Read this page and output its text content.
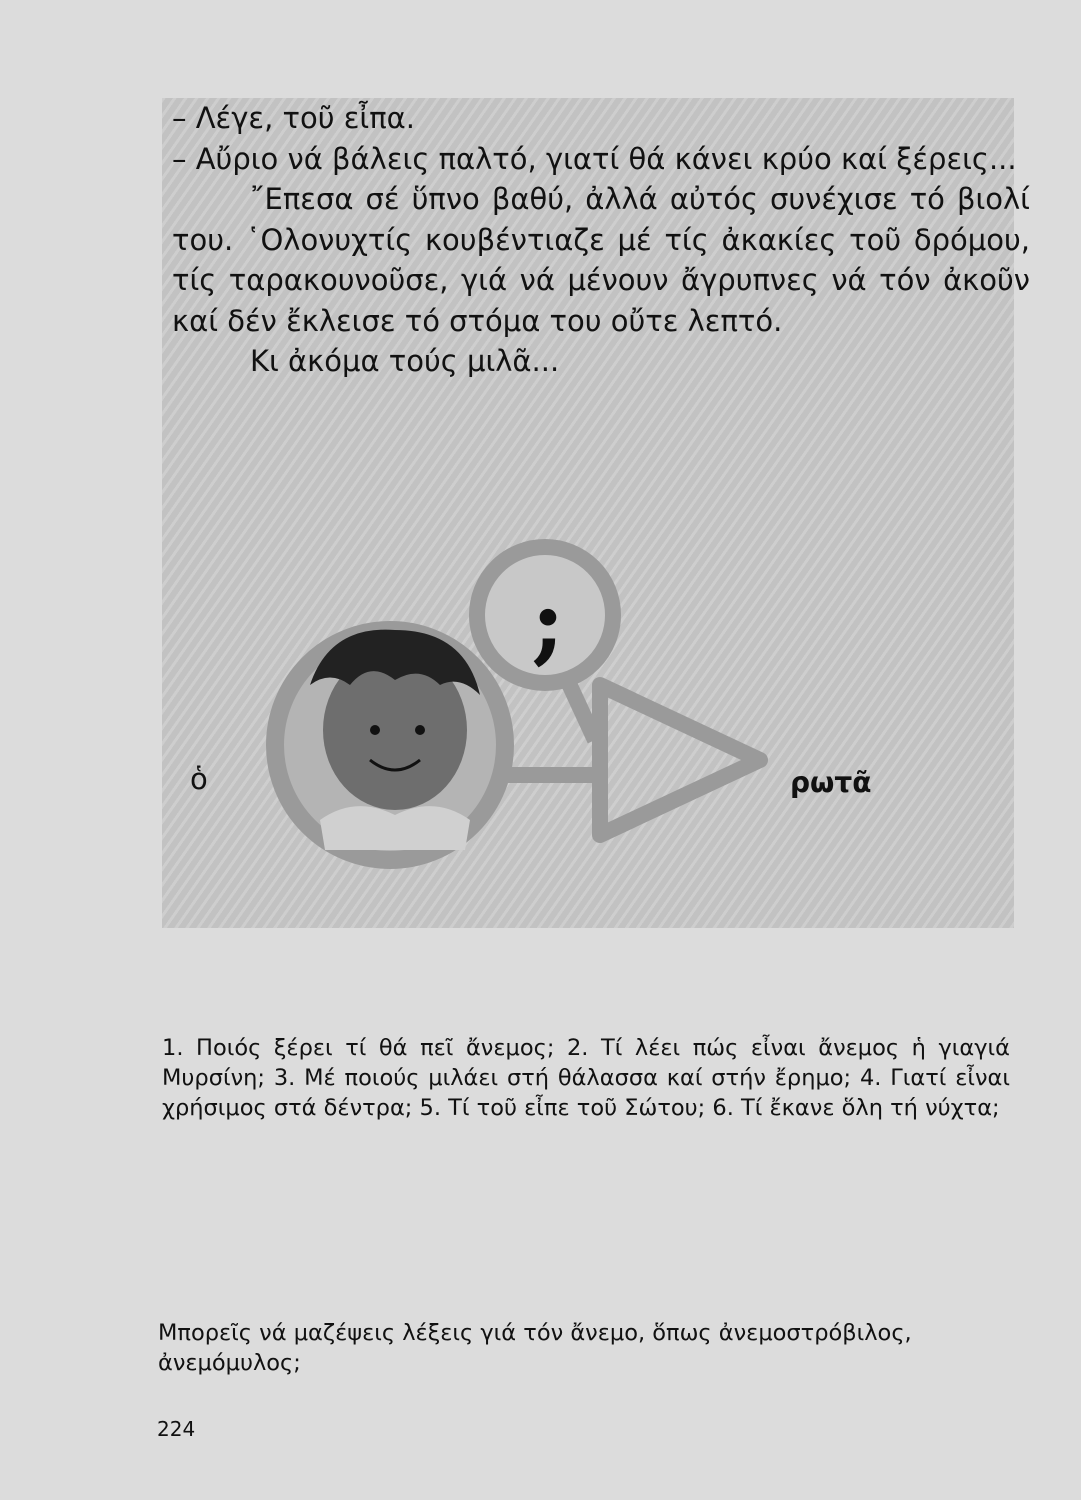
– Λέγε, τοῦ εἶπα.

– Αὔριο νά βάλεις παλτό, γιατί θά κάνει κρύο καί ξέρεις...

῎Επεσα σέ ὕπνο βαθύ, ἀλλά αὐτός συνέχισε τό βιολί του. ῾Ολονυχτίς κουβέντιαζε μέ τίς ἀκακίες τοῦ δρόμου, τίς ταρακουνοῦσε, γιά νά μένουν ἄγρυπνες νά τόν ἀκοῦν καί δέν ἔκλεισε τό στόμα του οὔτε λεπτό.

Κι ἀκόμα τούς μιλᾶ...

;
ὁ	ρωτᾶ

1. Ποιός ξέρει τί θά πεῖ ἄνεμος; 2. Τί λέει πώς εἶναι ἄνεμος ἡ γιαγιά Μυρσίνη; 3. Μέ ποιούς μιλάει στή θάλασσα καί στήν ἔρημο; 4. Γιατί εἶναι χρήσιμος στά δέντρα; 5. Τί τοῦ εἶπε τοῦ Σώτου; 6. Τί ἔκανε ὅλη τή νύχτα;

Μπορεῖς νά μαζέψεις λέξεις γιά τόν ἄνεμο, ὅπως ἀνεμοστρόβιλος, ἀνεμόμυλος;

224
